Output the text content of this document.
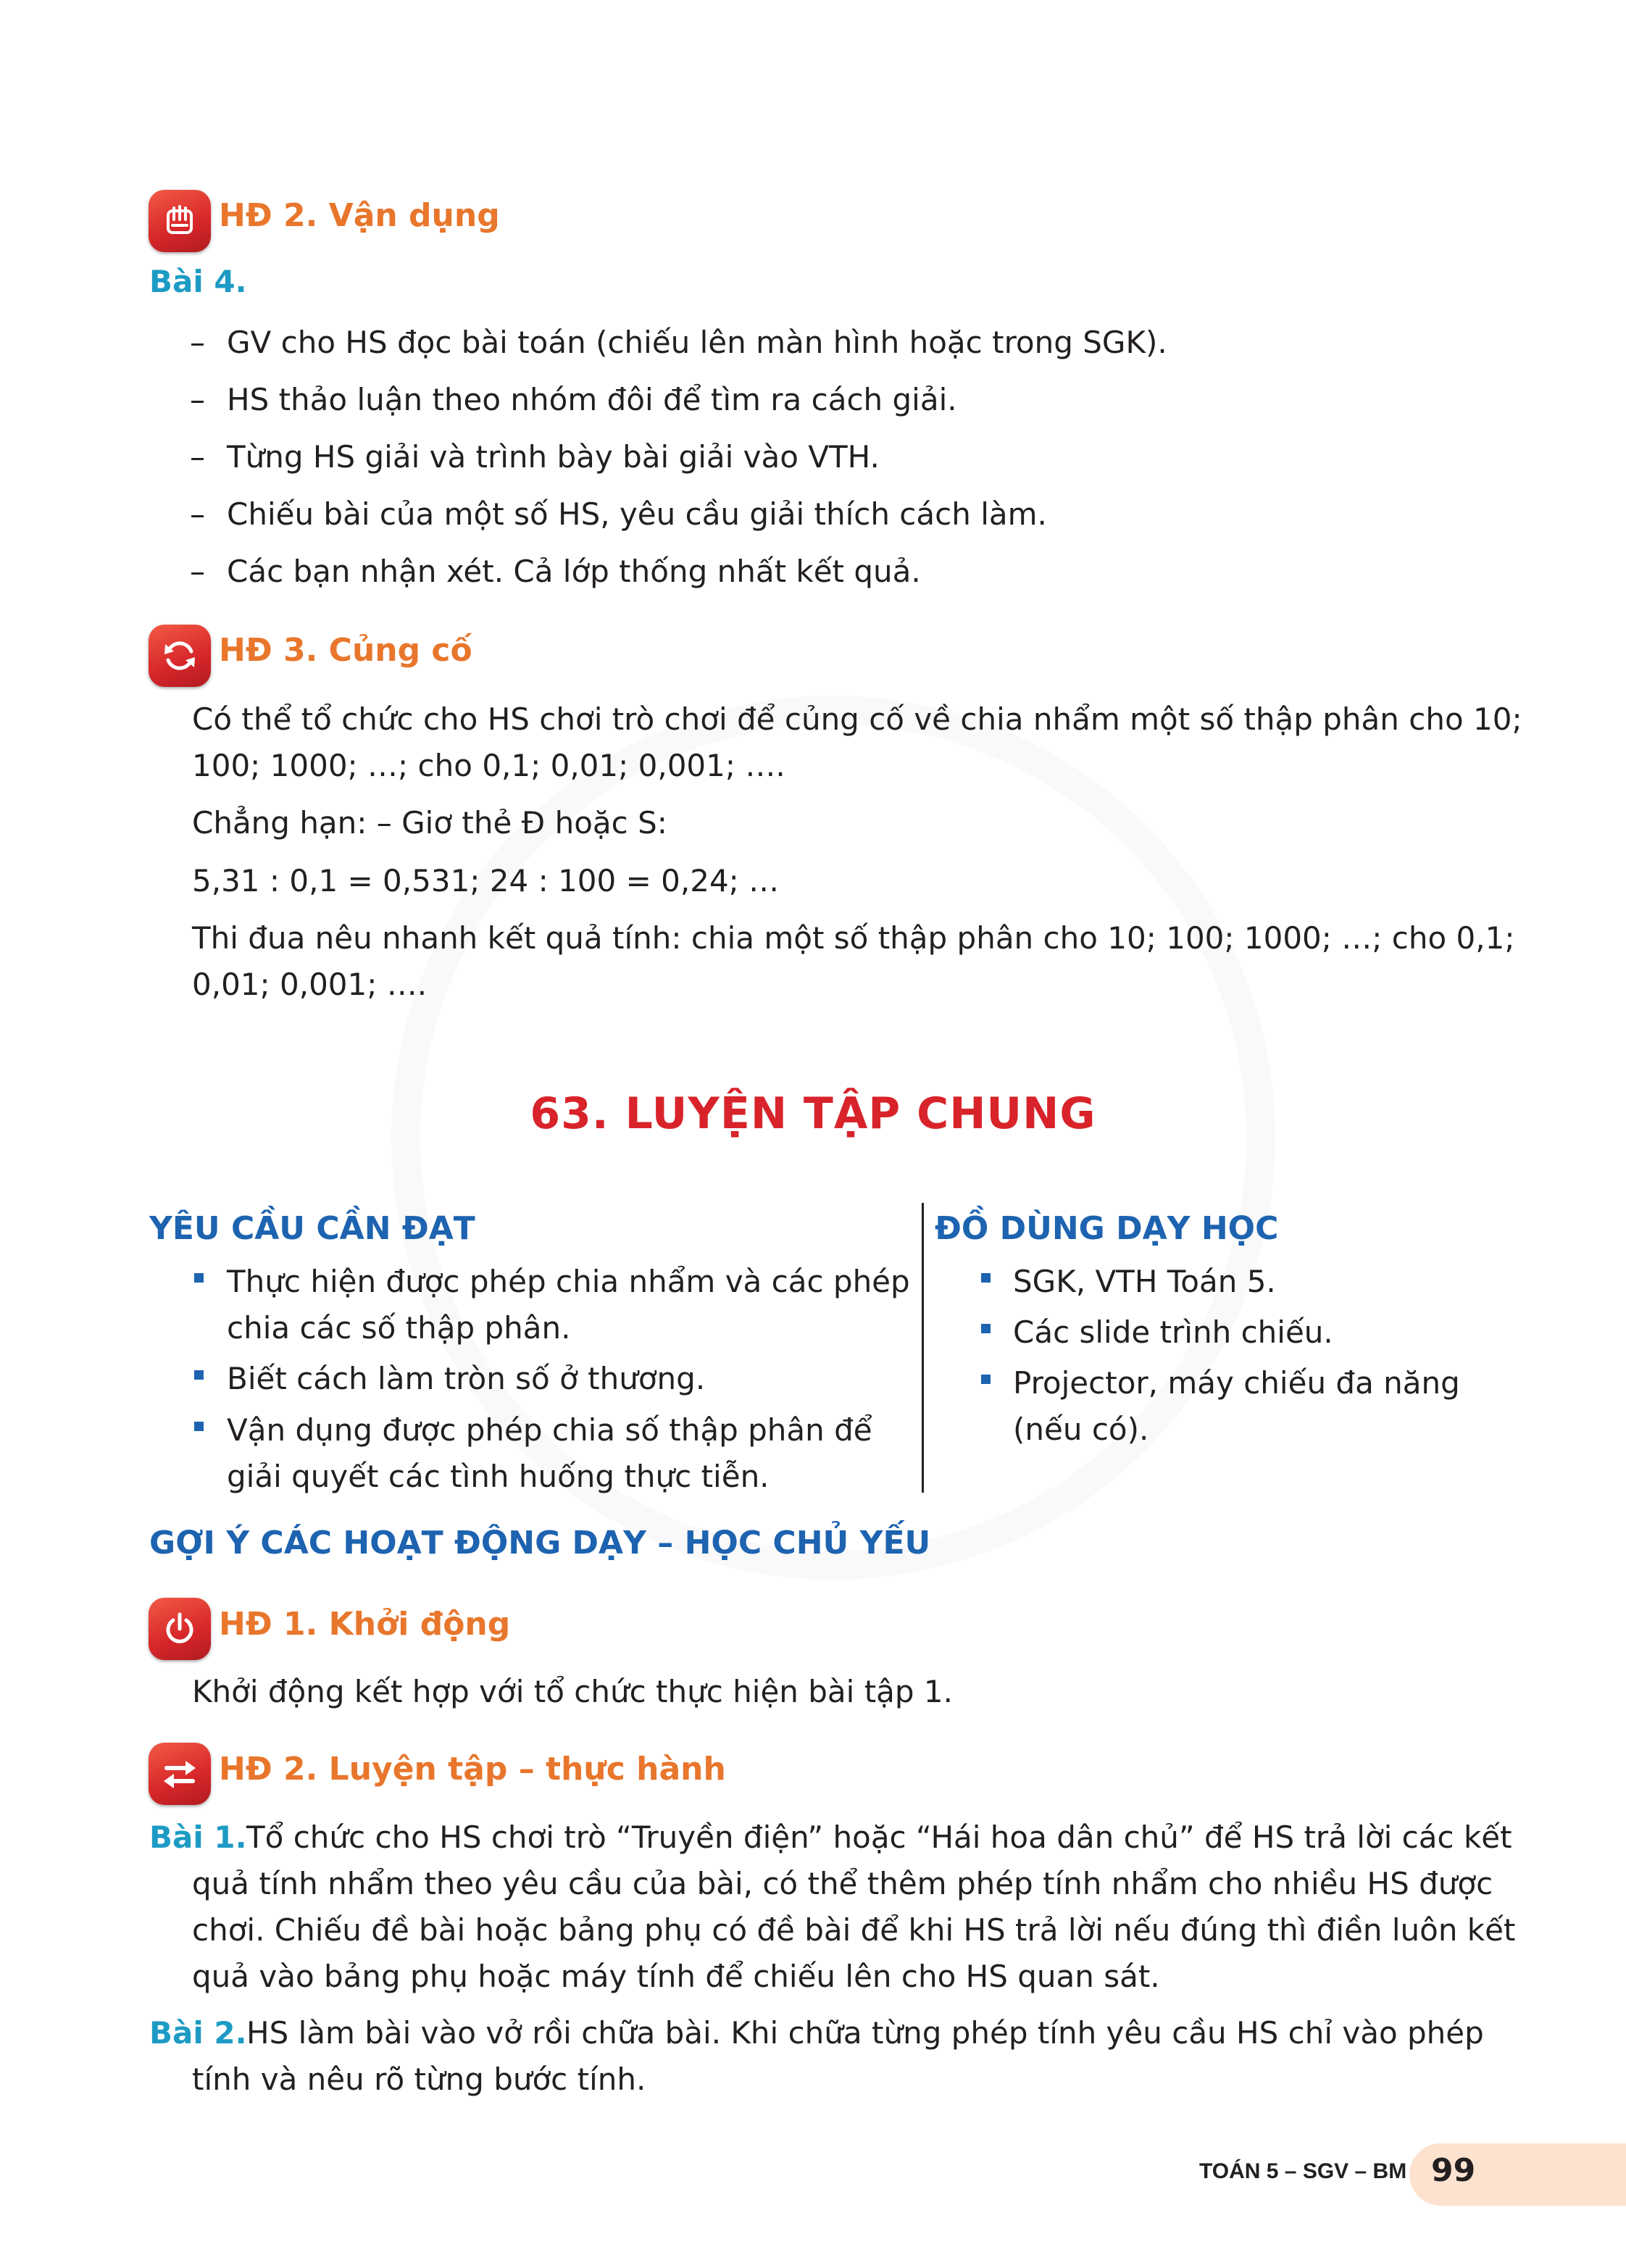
HĐ 2. Vận dụng
Bài 4.
– GV cho HS đọc bài toán (chiếu lên màn hình hoặc trong SGK).
– HS thảo luận theo nhóm đôi để tìm ra cách giải.
– Từng HS giải và trình bày bài giải vào VTH.
– Chiếu bài của một số HS, yêu cầu giải thích cách làm.
– Các bạn nhận xét. Cả lớp thống nhất kết quả.
HĐ 3. Củng cố
Có thể tổ chức cho HS chơi trò chơi để củng cố về chia nhẩm một số thập phân cho 10;
100; 1000; …; cho 0,1; 0,01; 0,001; ….
Chẳng hạn: – Giơ thẻ Đ hoặc S:
5,31 : 0,1 = 0,531; 24 : 100 = 0,24; …
Thi đua nêu nhanh kết quả tính: chia một số thập phân cho 10; 100; 1000; …; cho 0,1;
0,01; 0,001; ….
63. LUYỆN TẬP CHUNG
YÊU CẦU CẦN ĐẠT
Thực hiện được phép chia nhẩm và các phép
chia các số thập phân.
Biết cách làm tròn số ở thương.
Vận dụng được phép chia số thập phân để
giải quyết các tình huống thực tiễn.
ĐỒ DÙNG DẠY HỌC
SGK, VTH Toán 5.
Các slide trình chiếu.
Projector, máy chiếu đa năng
(nếu có).
GỢI Ý CÁC HOẠT ĐỘNG DẠY – HỌC CHỦ YẾU
HĐ 1. Khởi động
Khởi động kết hợp với tổ chức thực hiện bài tập 1.
HĐ 2. Luyện tập – thực hành
Bài 1. Tổ chức cho HS chơi trò “Truyền điện” hoặc “Hái hoa dân chủ” để HS trả lời các kết
quả tính nhẩm theo yêu cầu của bài, có thể thêm phép tính nhẩm cho nhiều HS được
chơi. Chiếu đề bài hoặc bảng phụ có đề bài để khi HS trả lời nếu đúng thì điền luôn kết
quả vào bảng phụ hoặc máy tính để chiếu lên cho HS quan sát.
Bài 2. HS làm bài vào vở rồi chữa bài. Khi chữa từng phép tính yêu cầu HS chỉ vào phép
tính và nêu rõ từng bước tính.
TOÁN 5 – SGV – BM 99
